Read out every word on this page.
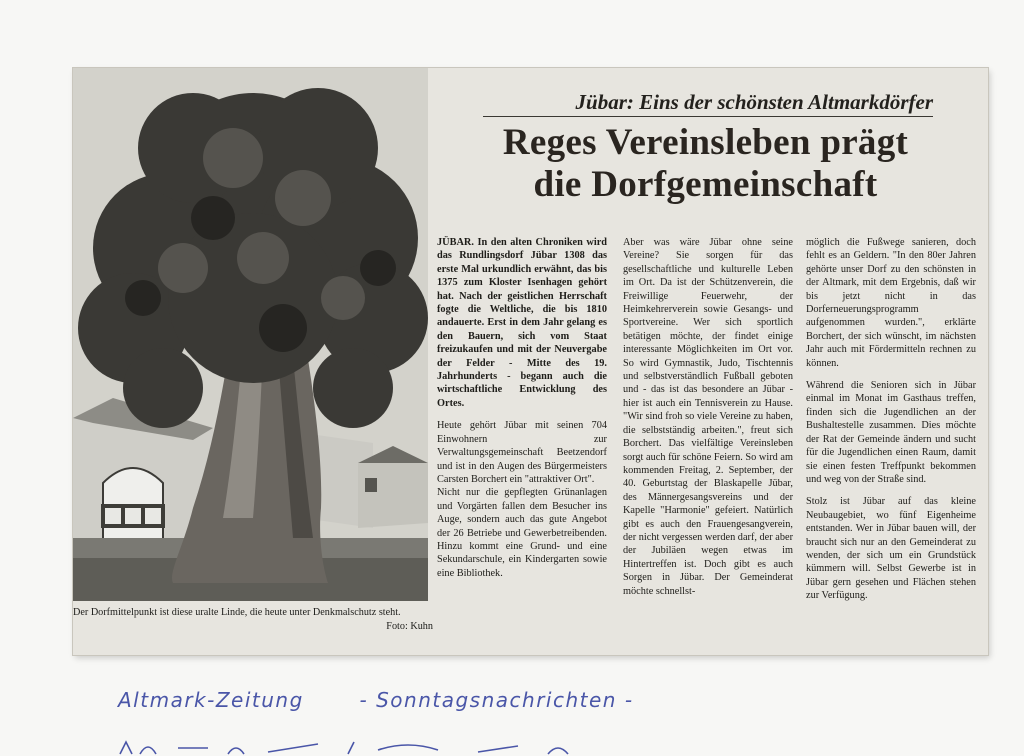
Der Dorfmittelpunkt ist diese uralte Linde, die heute unter Denkmalschutz steht.
Foto: Kuhn
Jübar: Eins der schönsten Altmarkdörfer
Reges Vereinsleben prägt
die Dorfgemeinschaft

JÜBAR. In den alten Chroniken wird das Rundlingsdorf Jübar 1308 das erste Mal urkundlich erwähnt, das bis 1375 zum Kloster Isenhagen gehört hat. Nach der geistlichen Herrschaft fogte die Weltliche, die bis 1810 andauerte. Erst in dem Jahr gelang es den Bauern, sich vom Staat freizukaufen und mit der Neuvergabe der Felder - Mitte des 19. Jahrhunderts - begann auch die wirtschaftliche Entwicklung des Ortes.

Heute gehört Jübar mit seinen 704 Einwohnern zur Verwaltungsgemeinschaft Beetzendorf und ist in den Augen des Bürgermeisters Carsten Borchert ein "attraktiver Ort".

Nicht nur die gepflegten Grünanlagen und Vorgärten fallen dem Besucher ins Auge, sondern auch das gute Angebot der 26 Betriebe und Gewerbetreibenden. Hinzu kommt eine Grund- und eine Sekundarschule, ein Kindergarten sowie eine Bibliothek.

Aber was wäre Jübar ohne seine Vereine? Sie sorgen für das gesellschaftliche und kulturelle Leben im Ort. Da ist der Schützenverein, die Freiwillige Feuerwehr, der Heimkehrerverein sowie Gesangs- und Sportvereine. Wer sich sportlich betätigen möchte, der findet einige interessante Möglichkeiten im Ort vor. So wird Gymnastik, Judo, Tischtennis und selbstverständlich Fußball geboten und - das ist das besondere an Jübar - hier ist auch ein Tennisverein zu Hause. "Wir sind froh so viele Vereine zu haben, die selbstständig arbeiten.", freut sich Borchert. Das vielfältige Vereinsleben sorgt auch für schöne Feiern. So wird am kommenden Freitag, 2. September, der 40. Geburtstag der Blaskapelle Jübar, des Männergesangsvereins und der Kapelle "Harmonie" gefeiert. Natürlich gibt es auch den Frauengesangverein, der nicht vergessen werden darf, der aber der Jubiläen wegen etwas im Hintertreffen ist. Doch gibt es auch Sorgen in Jübar. Der Gemeinderat möchte schnellst-

möglich die Fußwege sanieren, doch fehlt es an Geldern. "In den 80er Jahren gehörte unser Dorf zu den schönsten in der Altmark, mit dem Ergebnis, daß wir bis jetzt nicht in das Dorferneuerungsprogramm aufgenommen wurden.", erklärte Borchert, der sich wünscht, im nächsten Jahr auch mit Fördermitteln rechnen zu können.

Während die Senioren sich in Jübar einmal im Monat im Gasthaus treffen, finden sich die Jugendlichen an der Bushaltestelle zusammen. Dies möchte der Rat der Gemeinde ändern und sucht für die Jugendlichen einen Raum, damit sie einen festen Treffpunkt bekommen und weg von der Straße sind.

Stolz ist Jübar auf das kleine Neubaugebiet, wo fünf Eigenheime entstanden. Wer in Jübar bauen will, der braucht sich nur an den Gemeinderat zu wenden, der sich um ein Grundstück kümmern will. Selbst Gewerbe ist in Jübar gern gesehen und Flächen stehen zur Verfügung.

Altmark-Zeitung	- Sonntagsnachrichten -
